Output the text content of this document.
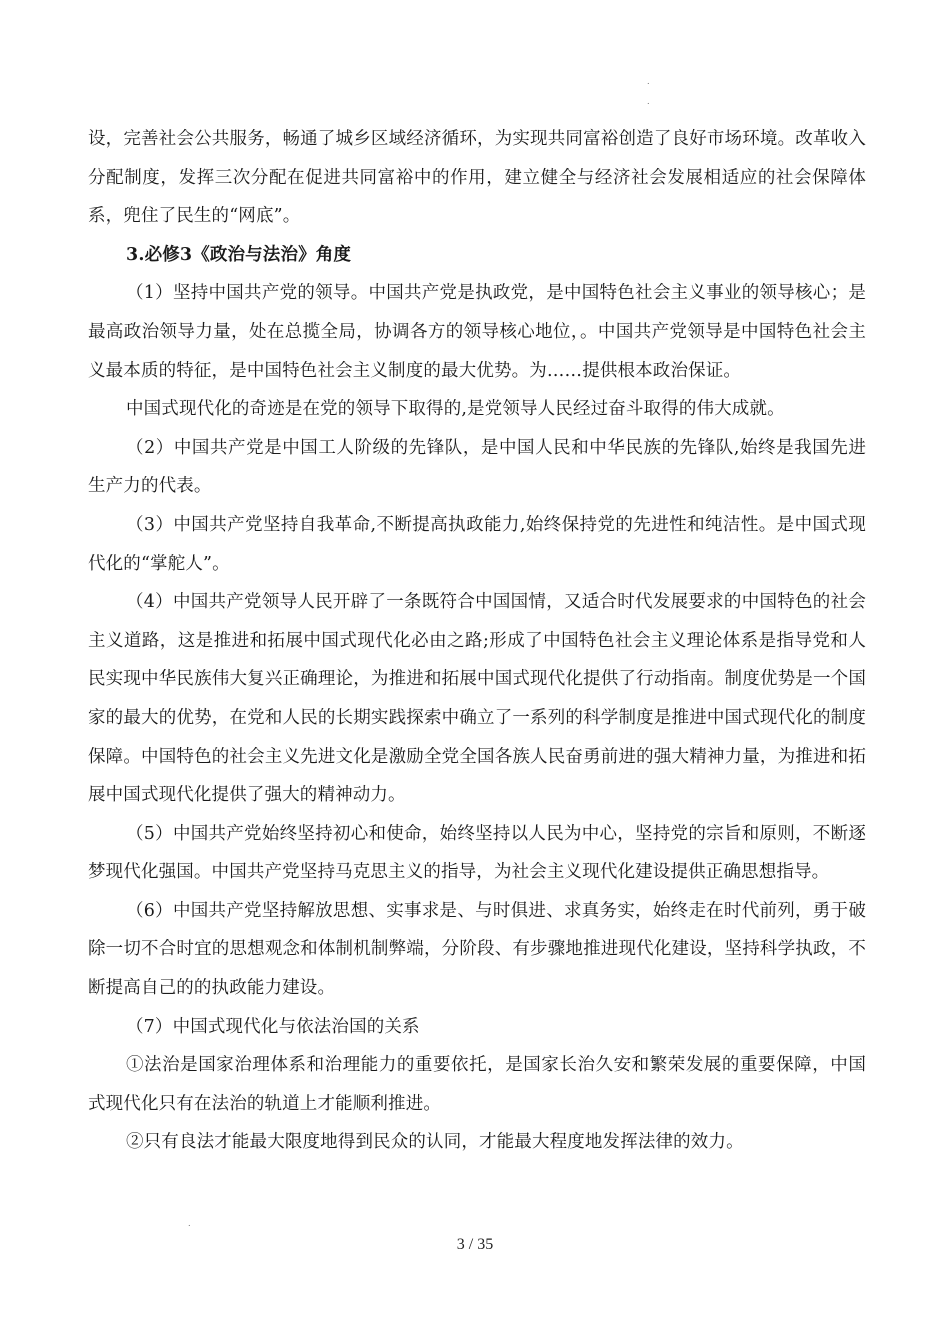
.
.
.

设，完善社会公共服务，畅通了城乡区域经济循环，为实现共同富裕创造了良好市场环境。改革收入分配制度，发挥三次分配在促进共同富裕中的作用，建立健全与经济社会发展相适应的社会保障体系，兜住了民生的“网底”。

3.必修3《政治与法治》角度

（1）坚持中国共产党的领导。中国共产党是执政党，是中国特色社会主义事业的领导核心；是最高政治领导力量，处在总揽全局，协调各方的领导核心地位，。中国共产党领导是中国特色社会主义最本质的特征，是中国特色社会主义制度的最大优势。为……提供根本政治保证。

中国式现代化的奇迹是在党的领导下取得的,是党领导人民经过奋斗取得的伟大成就。

（2）中国共产党是中国工人阶级的先锋队，是中国人民和中华民族的先锋队,始终是我国先进生产力的代表。

（3）中国共产党坚持自我革命,不断提高执政能力,始终保持党的先进性和纯洁性。是中国式现代化的“掌舵人”。

（4）中国共产党领导人民开辟了一条既符合中国国情，又适合时代发展要求的中国特色的社会主义道路，这是推进和拓展中国式现代化必由之路;形成了中国特色社会主义理论体系是指导党和人民实现中华民族伟大复兴正确理论，为推进和拓展中国式现代化提供了行动指南。制度优势是一个国家的最大的优势，在党和人民的长期实践探索中确立了一系列的科学制度是推进中国式现代化的制度保障。中国特色的社会主义先进文化是激励全党全国各族人民奋勇前进的强大精神力量，为推进和拓展中国式现代化提供了强大的精神动力。

（5）中国共产党始终坚持初心和使命，始终坚持以人民为中心，坚持党的宗旨和原则，不断逐梦现代化强国。中国共产党坚持马克思主义的指导，为社会主义现代化建设提供正确思想指导。

（6）中国共产党坚持解放思想、实事求是、与时俱进、求真务实，始终走在时代前列，勇于破除一切不合时宜的思想观念和体制机制弊端，分阶段、有步骤地推进现代化建设，坚持科学执政，不断提高自己的的执政能力建设。

（7）中国式现代化与依法治国的关系

①法治是国家治理体系和治理能力的重要依托，是国家长治久安和繁荣发展的重要保障，中国式现代化只有在法治的轨道上才能顺利推进。

②只有良法才能最大限度地得到民众的认同，才能最大程度地发挥法律的效力。

3 / 35
